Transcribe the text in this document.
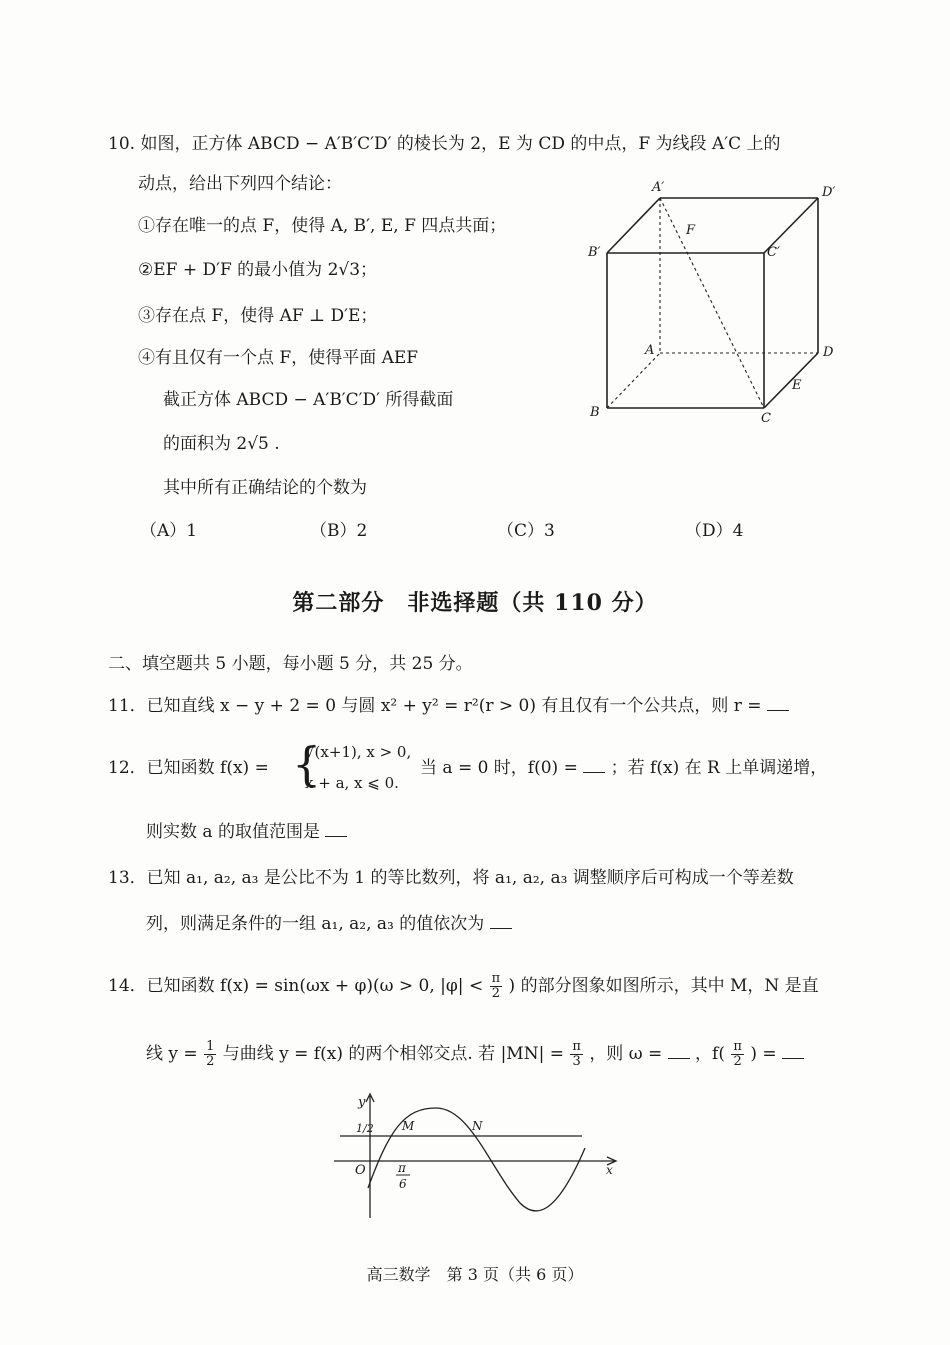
10. 如图，正方体 ABCD − A′B′C′D′ 的棱长为 2，E 为 CD 的中点，F 为线段 A′C 上的
动点，给出下列四个结论：
①存在唯一的点 F，使得 A, B′, E, F 四点共面；
②EF + D′F 的最小值为 2√3；
③存在点 F，使得 AF ⊥ D′E；
④有且仅有一个点 F，使得平面 AEF
截正方体 ABCD − A′B′C′D′ 所得截面
的面积为 2√5 .
其中所有正确结论的个数为
（A）1	（B）2	（C）3	（D）4
A′	D′
B′	C′
A	D
B	C
E
F
第二部分　非选择题（共 110 分）
二、填空题共 5 小题，每小题 5 分，共 25 分。
11．已知直线 x − y + 2 = 0 与圆 x² + y² = r²(r > 0) 有且仅有一个公共点，则 r =
12．已知函数 f(x) = {
√(x+1), x > 0,
x + a, x ⩽ 0.
当 a = 0 时，f(0) = ；若 f(x) 在 R 上单调递增，
则实数 a 的取值范围是
13．已知 a₁, a₂, a₃ 是公比不为 1 的等比数列，将 a₁, a₂, a₃ 调整顺序后可构成一个等差数
列，则满足条件的一组 a₁, a₂, a₃ 的值依次为
14．已知函数 f(x) = sin(ωx + φ)(ω > 0, $|\varphi| < \frac{\pi}{2}$ ) 的部分图象如图所示，其中 M，N 是直
线 $y = \frac{1}{2}$ 与曲线 y = f(x) 的两个相邻交点. 若 $|MN| = \frac{\pi}{3}$ ，则 ω = ，$f( \frac{\pi}{2}$ ) =
y
1/2 M	N
O	x
π
6
高三数学　第 3 页（共 6 页）
